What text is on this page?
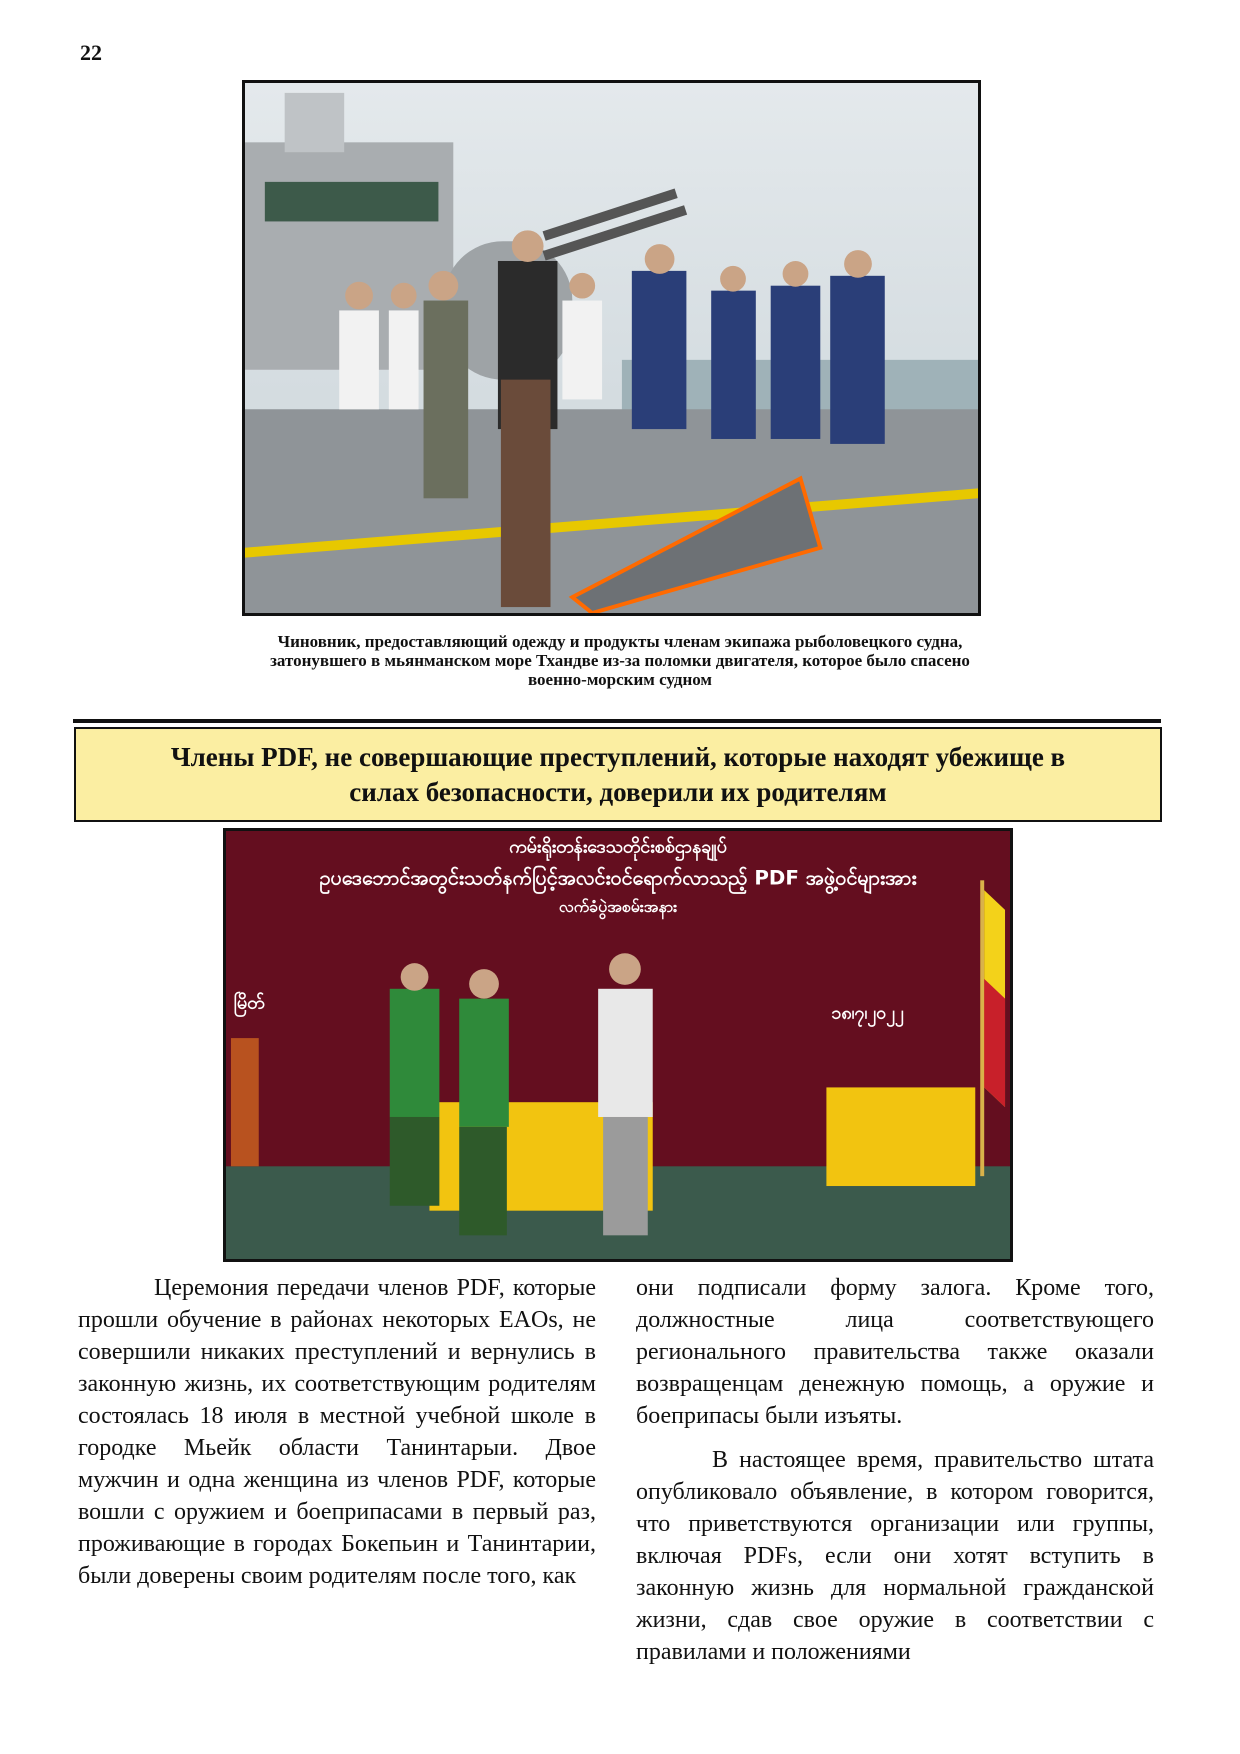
22
Чиновник, предоставляющий одежду и продукты членам экипажа рыболовецкого судна,
затонувшего в мьянманском море Тхандве из-за поломки двигателя, которое было спасено
военно-морским судном
Члены PDF, не совершающие преступлений, которые находят убежище в
силах безопасности, доверили их родителям
ကမ်းရိုးတန်းဒေသတိုင်းစစ်ဌာနချုပ်
ဥပဒေဘောင်အတွင်းသတ်နက်ပြင့်အလင်းဝင်ရောက်လာသည့် PDF အဖွဲ့ဝင်များအား
လက်ခံပွဲအစမ်းအနား
မြိတ်	၁၈၊၇၊၂၀၂၂

Церемония передачи членов PDF, которые прошли обучение в районах некоторых EAOs, не совершили никаких преступлений и вернулись в законную жизнь, их соответствующим родителям состоялась 18 июля в местной учебной школе в городке Мьейк области Танинтарыи. Двое мужчин и одна женщина из членов PDF, которые вошли с оружием и боеприпасами в первый раз, проживающие в городах Бокепьин и Танинтарии, были доверены своим родителям после того, как

они подписали форму залога. Кроме того, должностные лица соответствующего регионального правительства также оказали возвращенцам денежную помощь, а оружие и боеприпасы были изъяты.

В настоящее время, правительство штата опубликовало объявление, в котором говорится, что приветствуются организации или группы, включая PDFs, если они хотят вступить в законную жизнь для нормальной гражданской жизни, сдав свое оружие в соответствии с правилами и положениями
